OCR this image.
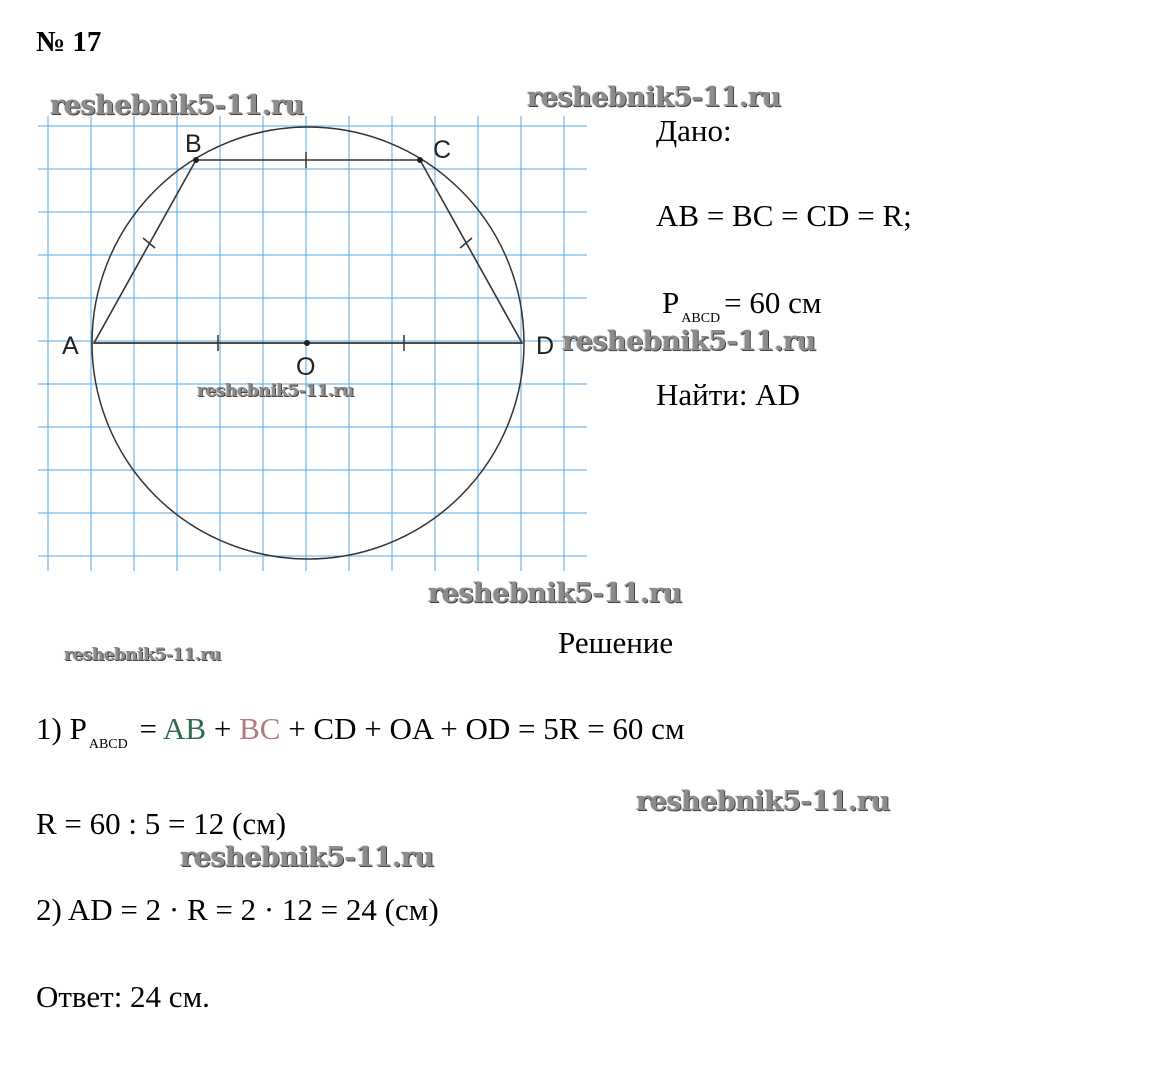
№ 17
A
B	C
D
O
Дано:
AB = BC = CD = R;
P $_{ABCD}$ = 60 см
Найти: AD
Решение
1) P $_{ABCD}$ = AB + BC + CD + OA + OD = 5R = 60 см
R = 60 : 5 = 12 (см)
2) AD = 2 · R = 2 · 12 = 24 (см)
Ответ: 24 см.
reshebnik5-11.ru	reshebnik5-11.ru
reshebnik5-11.ru
reshebnik5-11.ru
reshebnik5-11.ru
reshebnik5-11.ru
reshebnik5-11.ru
reshebnik5-11.ru
